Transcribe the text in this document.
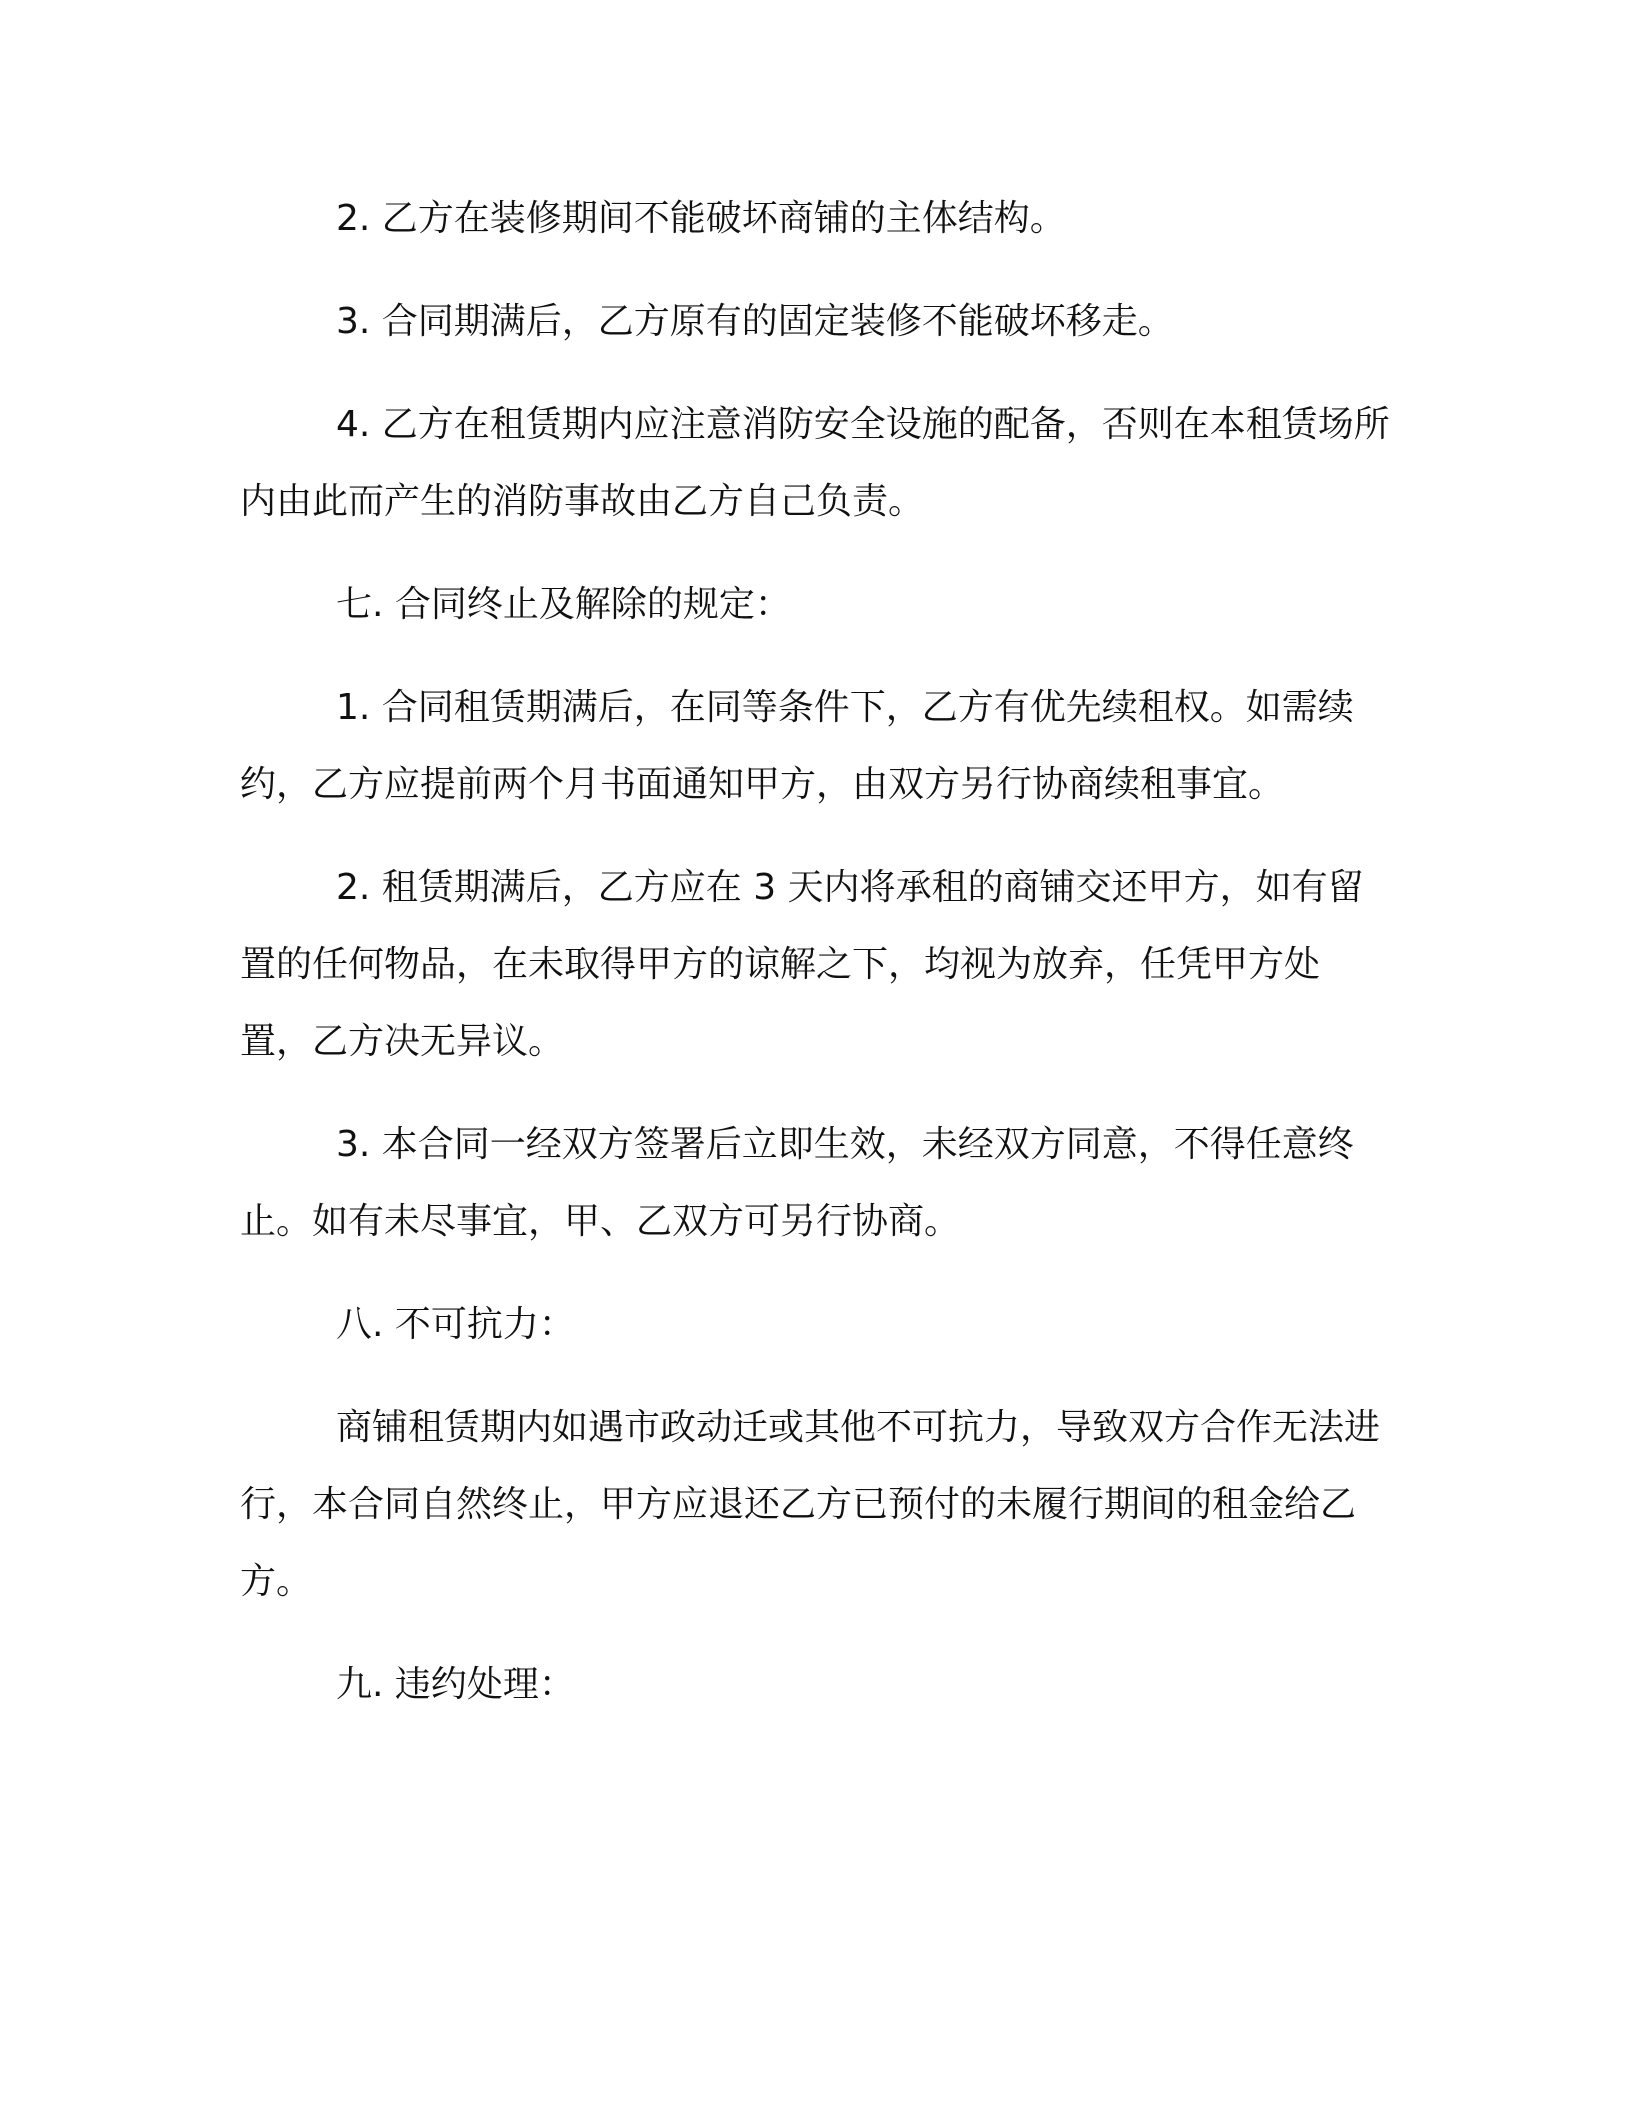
2. 乙方在装修期间不能破坏商铺的主体结构。

3. 合同期满后，乙方原有的固定装修不能破坏移走。

4. 乙方在租赁期内应注意消防安全设施的配备，否则在本租赁场所内由此而产生的消防事故由乙方自己负责。

七. 合同终止及解除的规定：

1. 合同租赁期满后，在同等条件下，乙方有优先续租权。如需续约，乙方应提前两个月书面通知甲方，由双方另行协商续租事宜。

2. 租赁期满后，乙方应在 3 天内将承租的商铺交还甲方，如有留置的任何物品，在未取得甲方的谅解之下，均视为放弃，任凭甲方处置，乙方决无异议。

3. 本合同一经双方签署后立即生效，未经双方同意，不得任意终止。如有未尽事宜，甲、乙双方可另行协商。

八. 不可抗力：

商铺租赁期内如遇市政动迁或其他不可抗力，导致双方合作无法进行，本合同自然终止，甲方应退还乙方已预付的未履行期间的租金给乙方。

九. 违约处理：
